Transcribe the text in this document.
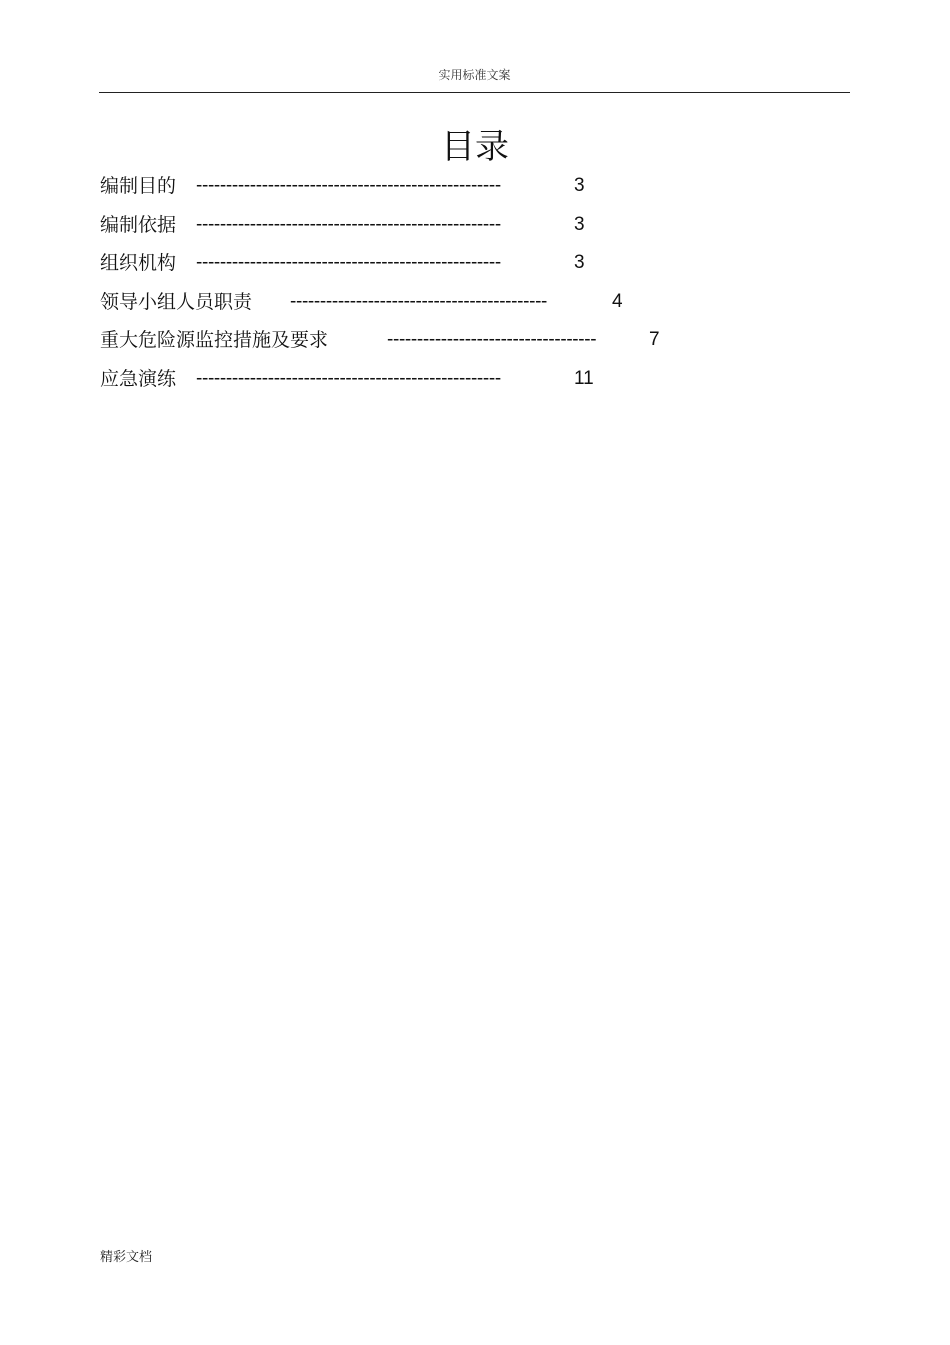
实用标准文案
目录
编制目的 ---------------------------------------------------	3
编制依据 ---------------------------------------------------	3
组织机构 ---------------------------------------------------	3
领导小组人员职责 -------------------------------------------	4
重大危险源监控措施及要求	-----------------------------------	7
应急演练 ---------------------------------------------------	11
精彩文档
